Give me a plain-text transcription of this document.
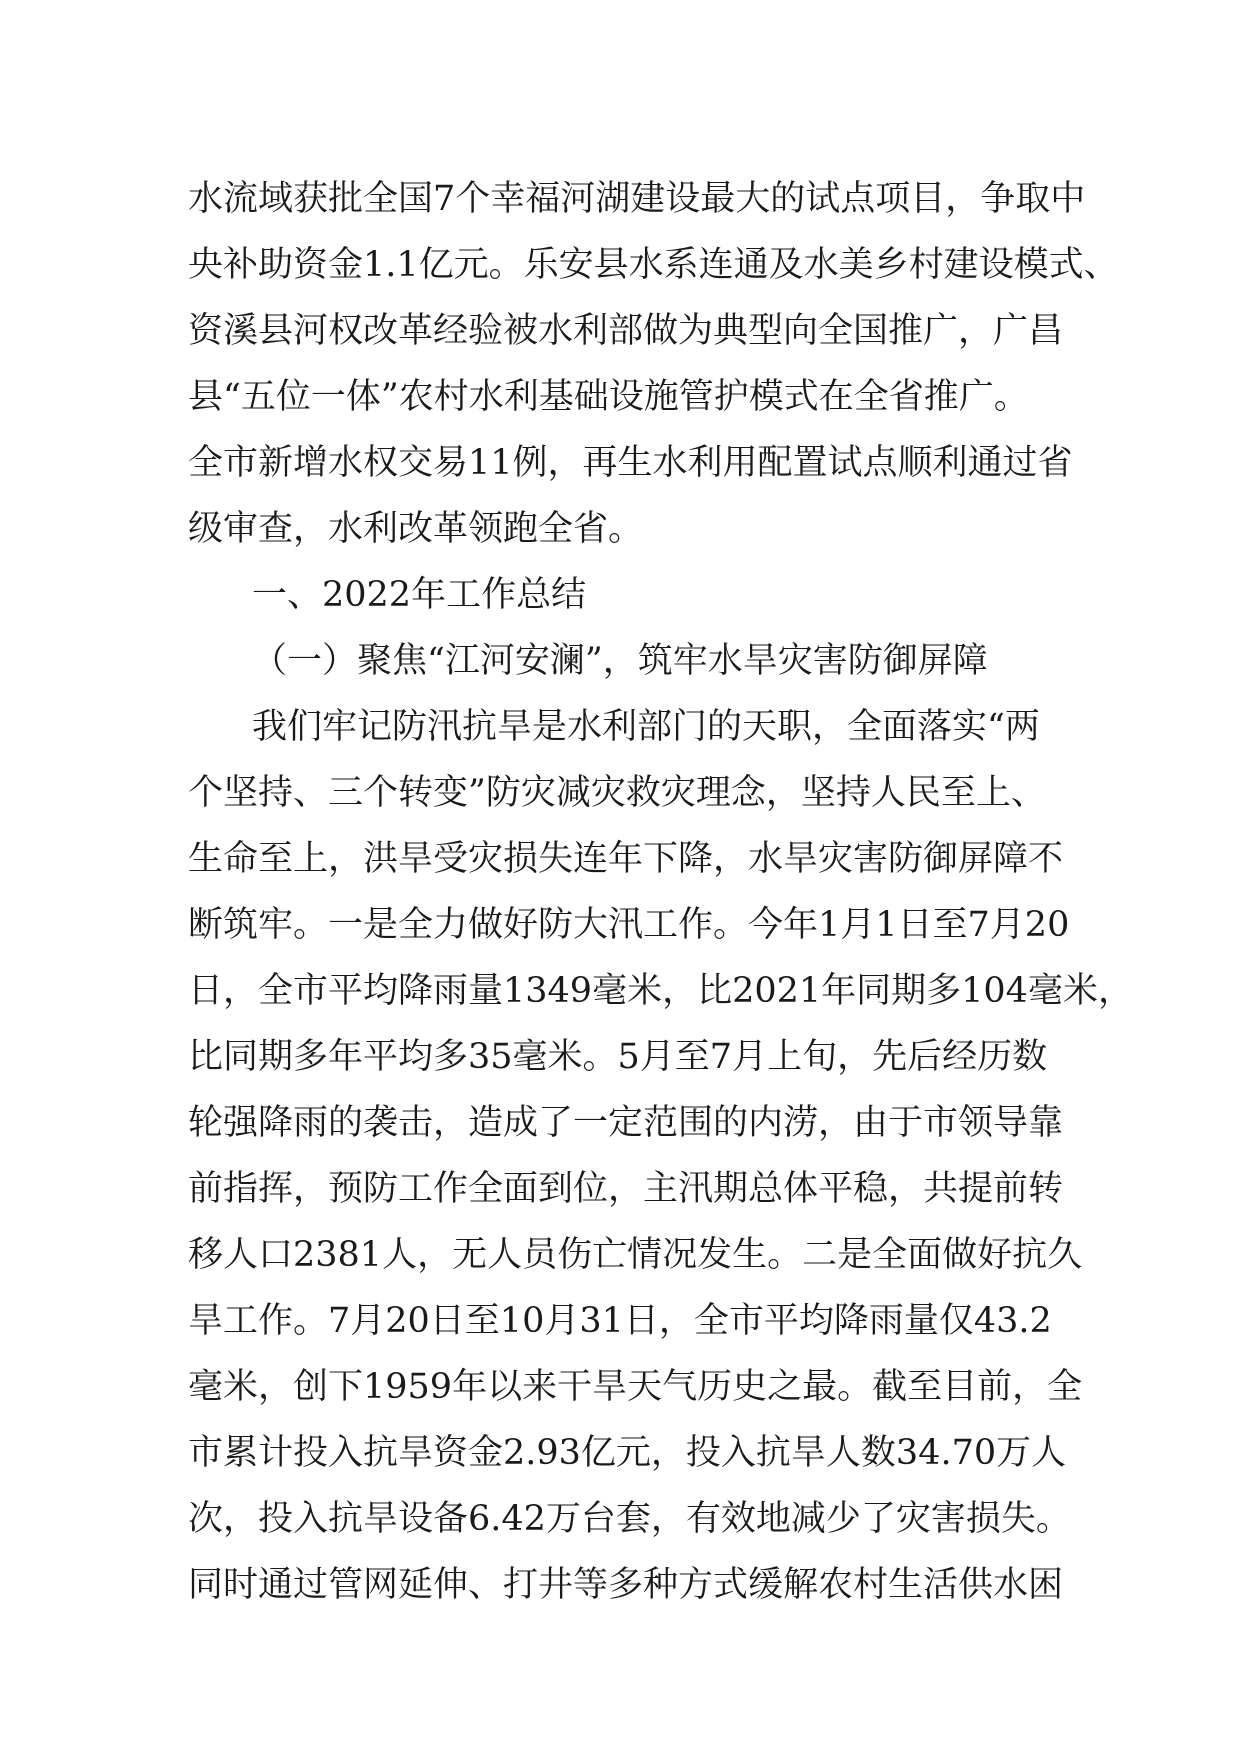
水流域获批全国7个幸福河湖建设最大的试点项目，争取中
央补助资金1.1亿元。乐安县水系连通及水美乡村建设模式、
资溪县河权改革经验被水利部做为典型向全国推广，广昌
县“五位一体”农村水利基础设施管护模式在全省推广。
全市新增水权交易11例，再生水利用配置试点顺利通过省
级审查，水利改革领跑全省。
一、2022年工作总结
（一）聚焦“江河安澜”，筑牢水旱灾害防御屏障
我们牢记防汛抗旱是水利部门的天职，全面落实“两
个坚持、三个转变”防灾减灾救灾理念，坚持人民至上、
生命至上，洪旱受灾损失连年下降，水旱灾害防御屏障不
断筑牢。一是全力做好防大汛工作。今年1月1日至7月20
日，全市平均降雨量1349毫米，比2021年同期多104毫米，
比同期多年平均多35毫米。5月至7月上旬，先后经历数
轮强降雨的袭击，造成了一定范围的内涝，由于市领导靠
前指挥，预防工作全面到位，主汛期总体平稳，共提前转
移人口2381人，无人员伤亡情况发生。二是全面做好抗久
旱工作。7月20日至10月31日，全市平均降雨量仅43.2
毫米，创下1959年以来干旱天气历史之最。截至目前，全
市累计投入抗旱资金2.93亿元，投入抗旱人数34.70万人
次，投入抗旱设备6.42万台套，有效地减少了灾害损失。
同时通过管网延伸、打井等多种方式缓解农村生活供水困
